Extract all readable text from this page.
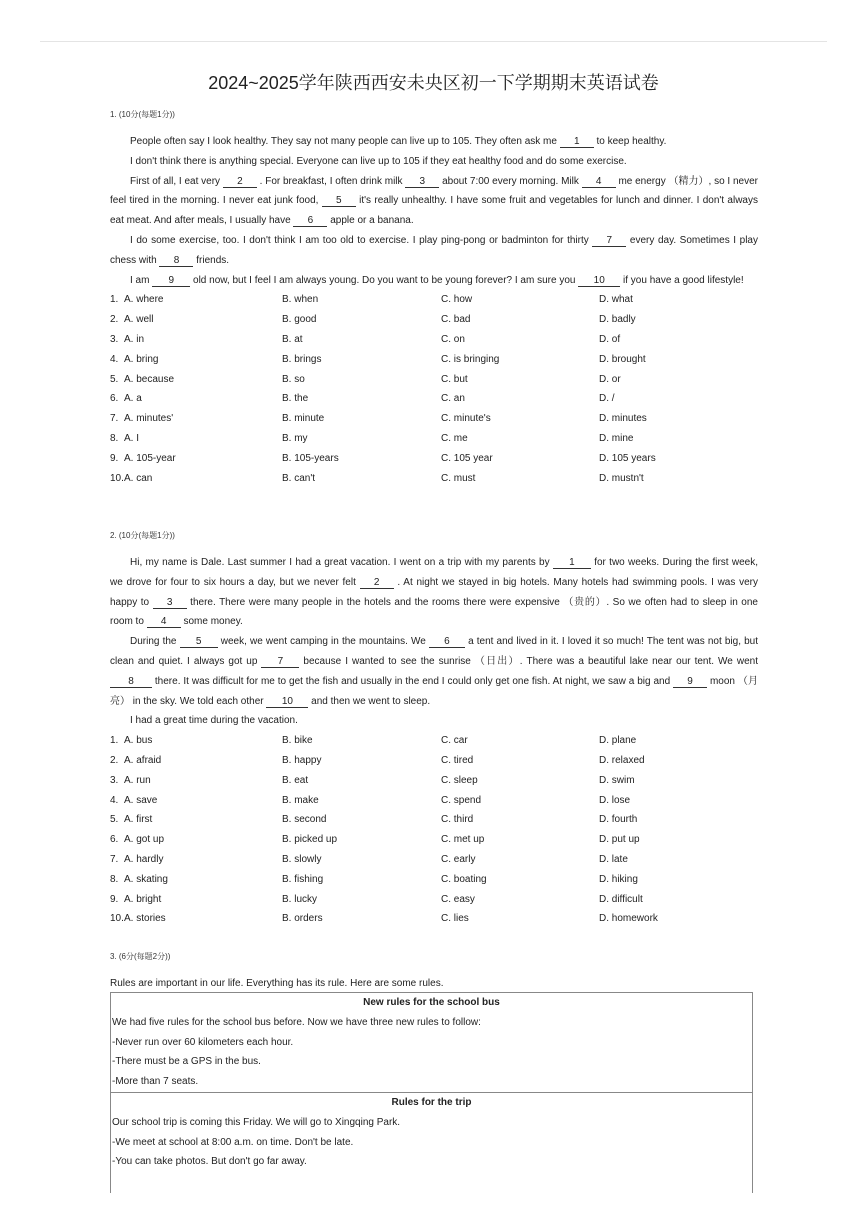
2024~2025学年陕西西安未央区初一下学期期末英语试卷
1. (10分(每题1分))

People often say I look healthy. They say not many people can live up to 105. They often ask me 1 to keep healthy.

I don't think there is anything special. Everyone can live up to 105 if they eat healthy food and do some exercise.

First of all, I eat very 2 . For breakfast, I often drink milk 3 about 7:00 every morning. Milk 4 me energy （精力）, so I never feel tired in the morning. I never eat junk food, 5 it's really unhealthy. I have some fruit and vegetables for lunch and dinner. I don't always eat meat. And after meals, I usually have 6 apple or a banana.

I do some exercise, too. I don't think I am too old to exercise. I play ping-pong or badminton for thirty 7 every day. Sometimes I play chess with 8 friends.

I am 9 old now, but I feel I am always young. Do you want to be young forever? I am sure you 10 if you have a good lifestyle!

1. A. where	B. when	C. how	D. what
2. A. well	B. good	C. bad	D. badly
3. A. in	B. at	C. on	D. of
4. A. bring	B. brings	C. is bringing	D. brought
5. A. because	B. so	C. but	D. or
6. A. a	B. the	C. an	D. /
7. A. minutes'	B. minute	C. minute's	D. minutes
8. A. I	B. my	C. me	D. mine
9. A. 105-year	B. 105-years	C. 105 year	D. 105 years
10. A. can	B. can't	C. must	D. mustn't
2. (10分(每题1分))

Hi, my name is Dale. Last summer I had a great vacation. I went on a trip with my parents by 1 for two weeks. During the first week, we drove for four to six hours a day, but we never felt 2 . At night we stayed in big hotels. Many hotels had swimming pools. I was very happy to 3 there. There were many people in the hotels and the rooms there were expensive （贵的）. So we often had to sleep in one room to 4 some money.

During the 5 week, we went camping in the mountains. We 6 a tent and lived in it. I loved it so much! The tent was not big, but clean and quiet. I always got up 7 because I wanted to see the sunrise （日出）. There was a beautiful lake near our tent. We went 8 there. It was difficult for me to get the fish and usually in the end I could only get one fish. At night, we saw a big and 9 moon （月亮） in the sky. We told each other 10 and then we went to sleep.

I had a great time during the vacation.

1. A. bus	B. bike	C. car	D. plane
2. A. afraid	B. happy	C. tired	D. relaxed
3. A. run	B. eat	C. sleep	D. swim
4. A. save	B. make	C. spend	D. lose
5. A. first	B. second	C. third	D. fourth
6. A. got up	B. picked up	C. met up	D. put up
7. A. hardly	B. slowly	C. early	D. late
8. A. skating	B. fishing	C. boating	D. hiking
9. A. bright	B. lucky	C. easy	D. difficult
10. A. stories	B. orders	C. lies	D. homework
3. (6分(每题2分))
Rules are important in our life. Everything has its rule. Here are some rules.
New rules for the school bus
We had five rules for the school bus before. Now we have three new rules to follow:
-Never run over 60 kilometers each hour.
-There must be a GPS in the bus.
-More than 7 seats.
Rules for the trip
Our school trip is coming this Friday. We will go to Xingqing Park.
-We meet at school at 8:00 a.m. on time. Don't be late.
-You can take photos. But don't go far away.
